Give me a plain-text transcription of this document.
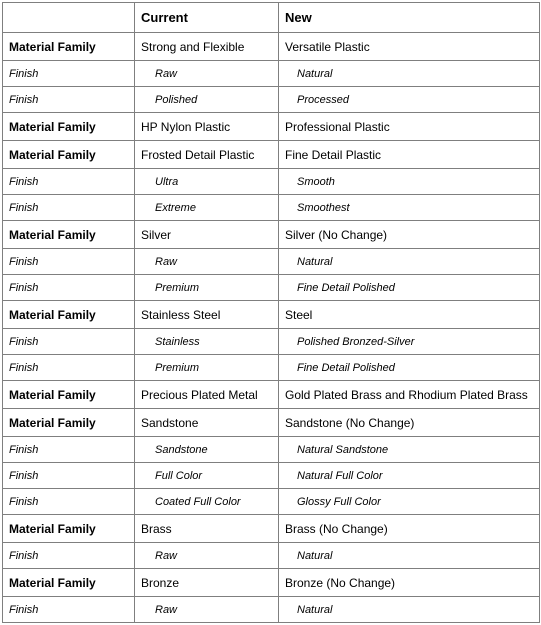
	Current	New
Material Family	Strong and Flexible	Versatile Plastic
Finish	Raw	Natural
Finish	Polished	Processed
Material Family	HP Nylon Plastic	Professional Plastic
Material Family	Frosted Detail Plastic	Fine Detail Plastic
Finish	Ultra	Smooth
Finish	Extreme	Smoothest
Material Family	Silver	Silver (No Change)
Finish	Raw	Natural
Finish	Premium	Fine Detail Polished
Material Family	Stainless Steel	Steel
Finish	Stainless	Polished Bronzed-Silver
Finish	Premium	Fine Detail Polished
Material Family	Precious Plated Metal	Gold Plated Brass and Rhodium Plated Brass
Material Family	Sandstone	Sandstone (No Change)
Finish	Sandstone	Natural Sandstone
Finish	Full Color	Natural Full Color
Finish	Coated Full Color	Glossy Full Color
Material Family	Brass	Brass (No Change)
Finish	Raw	Natural
Material Family	Bronze	Bronze (No Change)
Finish	Raw	Natural
